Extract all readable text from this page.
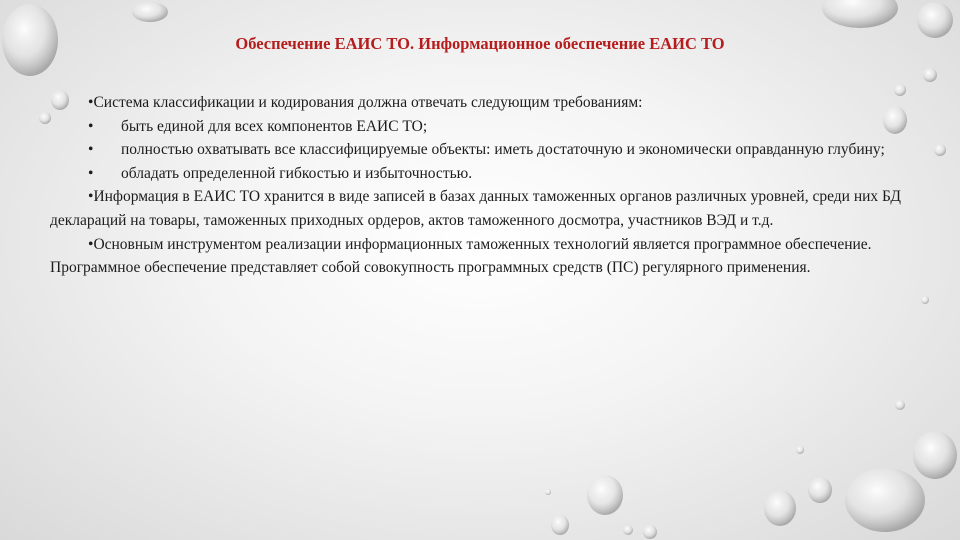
Обеспечение ЕАИС ТО. Информационное обеспечение ЕАИС ТО

•Система классификации и кодирования должна отвечать следующим требованиям:

• быть единой для всех компонентов ЕАИС ТО;

• полностью охватывать все классифицируемые объекты: иметь достаточную и экономически оправданную глубину;

• обладать определенной гибкостью и избыточностью.

•Информация в ЕАИС ТО хранится в виде записей в базах данных таможенных органов различных уровней, среди них БД деклараций на товары, таможенных приходных ордеров, актов таможенного досмотра, участников ВЭД и т.д.

•Основным инструментом реализации информационных таможенных технологий является программное обеспечение. Программное обеспечение представляет собой совокупность программных средств (ПС) регулярного применения.
